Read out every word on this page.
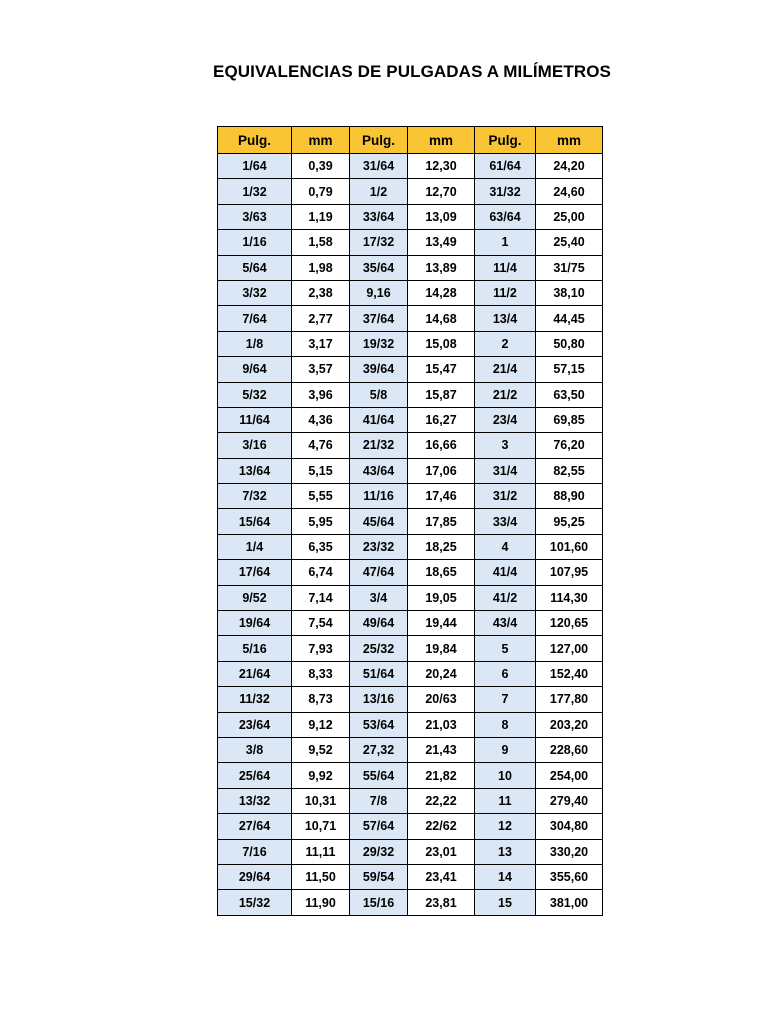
EQUIVALENCIAS DE PULGADAS A MILÍMETROS
Pulg.	mm	Pulg.	mm	Pulg.	mm
1/64	0,39	31/64	12,30	61/64	24,20
1/32	0,79	1/2	12,70	31/32	24,60
3/63	1,19	33/64	13,09	63/64	25,00
1/16	1,58	17/32	13,49	1	25,40
5/64	1,98	35/64	13,89	11/4	31/75
3/32	2,38	9,16	14,28	11/2	38,10
7/64	2,77	37/64	14,68	13/4	44,45
1/8	3,17	19/32	15,08	2	50,80
9/64	3,57	39/64	15,47	21/4	57,15
5/32	3,96	5/8	15,87	21/2	63,50
11/64	4,36	41/64	16,27	23/4	69,85
3/16	4,76	21/32	16,66	3	76,20
13/64	5,15	43/64	17,06	31/4	82,55
7/32	5,55	11/16	17,46	31/2	88,90
15/64	5,95	45/64	17,85	33/4	95,25
1/4	6,35	23/32	18,25	4	101,60
17/64	6,74	47/64	18,65	41/4	107,95
9/52	7,14	3/4	19,05	41/2	114,30
19/64	7,54	49/64	19,44	43/4	120,65
5/16	7,93	25/32	19,84	5	127,00
21/64	8,33	51/64	20,24	6	152,40
11/32	8,73	13/16	20/63	7	177,80
23/64	9,12	53/64	21,03	8	203,20
3/8	9,52	27,32	21,43	9	228,60
25/64	9,92	55/64	21,82	10	254,00
13/32	10,31	7/8	22,22	11	279,40
27/64	10,71	57/64	22/62	12	304,80
7/16	11,11	29/32	23,01	13	330,20
29/64	11,50	59/54	23,41	14	355,60
15/32	11,90	15/16	23,81	15	381,00
